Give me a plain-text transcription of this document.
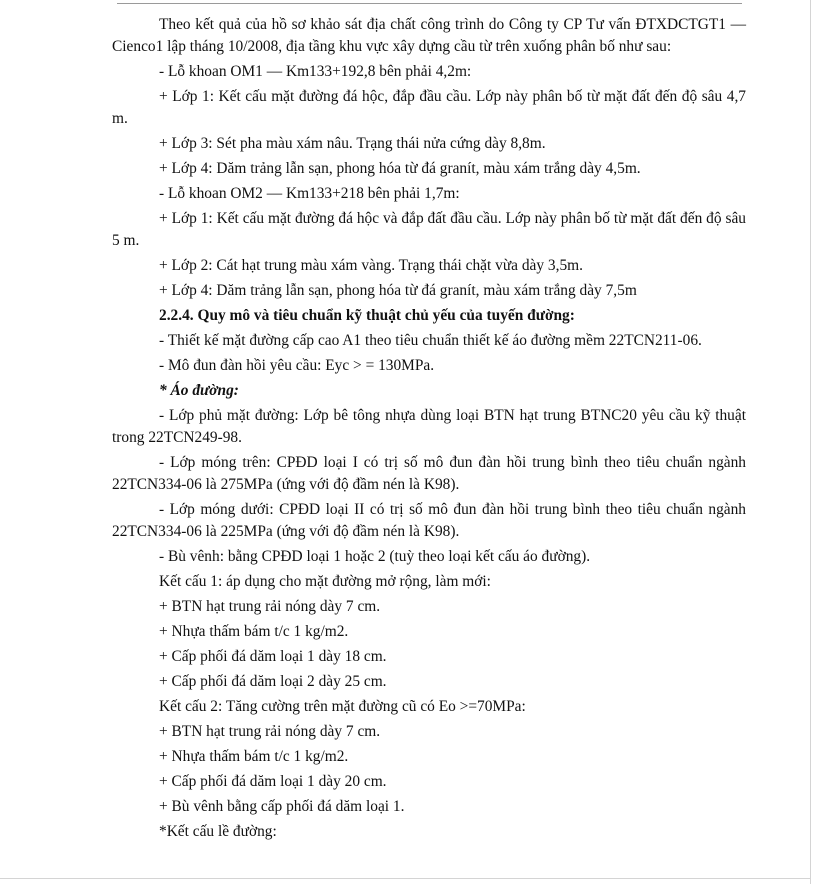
Theo kết quả của hồ sơ khảo sát địa chất công trình do Công ty CP Tư vấn ĐTXDCTGT1 — Cienco1 lập tháng 10/2008, địa tầng khu vực xây dựng cầu từ trên xuống phân bố như sau:

- Lỗ khoan OM1 — Km133+192,8 bên phải 4,2m:

+ Lớp 1: Kết cấu mặt đường đá hộc, đắp đầu cầu. Lớp này phân bố từ mặt đất đến độ sâu 4,7 m.

+ Lớp 3: Sét pha màu xám nâu. Trạng thái nửa cứng dày 8,8m.

+ Lớp 4: Dăm trảng lẫn sạn, phong hóa từ đá granít, màu xám trắng dày 4,5m.

- Lỗ khoan OM2 — Km133+218 bên phải 1,7m:

+ Lớp 1: Kết cấu mặt đường đá hộc và đắp đất đầu cầu. Lớp này phân bố từ mặt đất đến độ sâu 5 m.

+ Lớp 2: Cát hạt trung màu xám vàng. Trạng thái chặt vừa dày 3,5m.

+ Lớp 4: Dăm trảng lẫn sạn, phong hóa từ đá granít, màu xám trắng dày 7,5m

2.2.4. Quy mô và tiêu chuẩn kỹ thuật chủ yếu của tuyến đường:

- Thiết kế mặt đường cấp cao A1 theo tiêu chuẩn thiết kế áo đường mềm 22TCN211-06.

- Mô đun đàn hồi yêu cầu: Eyc > = 130MPa.

* Áo đường:

- Lớp phủ mặt đường: Lớp bê tông nhựa dùng loại BTN hạt trung BTNC20 yêu cầu kỹ thuật trong 22TCN249-98.

- Lớp móng trên: CPĐD loại I có trị số mô đun đàn hồi trung bình theo tiêu chuẩn ngành 22TCN334-06 là 275MPa (ứng với độ đầm nén là K98).

- Lớp móng dưới: CPĐD loại II có trị số mô đun đàn hồi trung bình theo tiêu chuẩn ngành 22TCN334-06 là 225MPa (ứng với độ đầm nén là K98).

- Bù vênh: bằng CPĐD loại 1 hoặc 2 (tuỳ theo loại kết cấu áo đường).

Kết cấu 1: áp dụng cho mặt đường mở rộng, làm mới:

+ BTN hạt trung rải nóng dày 7 cm.

+ Nhựa thấm bám t/c 1 kg/m2.

+ Cấp phối đá dăm loại 1 dày 18 cm.

+ Cấp phối đá dăm loại 2 dày 25 cm.

Kết cấu 2: Tăng cường trên mặt đường cũ có Eo >=70MPa:

+ BTN hạt trung rải nóng dày 7 cm.

+ Nhựa thấm bám t/c 1 kg/m2.

+ Cấp phối đá dăm loại 1 dày 20 cm.

+ Bù vênh bằng cấp phối đá dăm loại 1.

*Kết cấu lề đường:
